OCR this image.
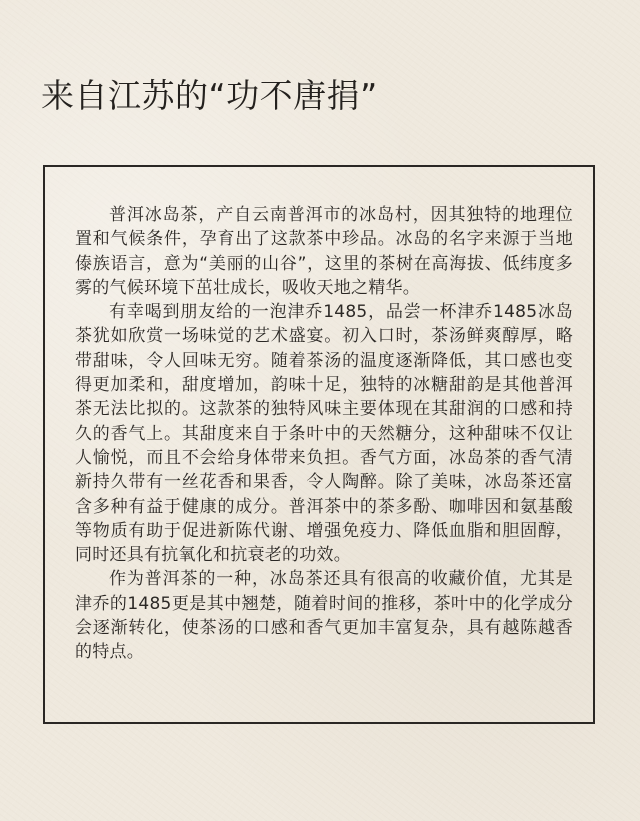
来自江苏的“功不唐捐”

普洱冰岛茶，产自云南普洱市的冰岛村，因其独特的地理位置和气候条件，孕育出了这款茶中珍品。冰岛的名字来源于当地傣族语言，意为“美丽的山谷”，这里的茶树在高海拔、低纬度多雾的气候环境下茁壮成长，吸收天地之精华。

有幸喝到朋友给的一泡津乔1485，品尝一杯津乔1485冰岛茶犹如欣赏一场味觉的艺术盛宴。初入口时，茶汤鲜爽醇厚，略带甜味，令人回味无穷。随着茶汤的温度逐渐降低，其口感也变得更加柔和，甜度增加，韵味十足，独特的冰糖甜韵是其他普洱茶无法比拟的。这款茶的独特风味主要体现在其甜润的口感和持久的香气上。其甜度来自于条叶中的天然糖分，这种甜味不仅让人愉悦，而且不会给身体带来负担。香气方面，冰岛茶的香气清新持久带有一丝花香和果香，令人陶醉。除了美味，冰岛茶还富含多种有益于健康的成分。普洱茶中的茶多酚、咖啡因和氨基酸等物质有助于促进新陈代谢、增强免疫力、降低血脂和胆固醇，同时还具有抗氧化和抗衰老的功效。

作为普洱茶的一种，冰岛茶还具有很高的收藏价值，尤其是津乔的1485更是其中翘楚，随着时间的推移，茶叶中的化学成分会逐渐转化，使茶汤的口感和香气更加丰富复杂，具有越陈越香的特点。
